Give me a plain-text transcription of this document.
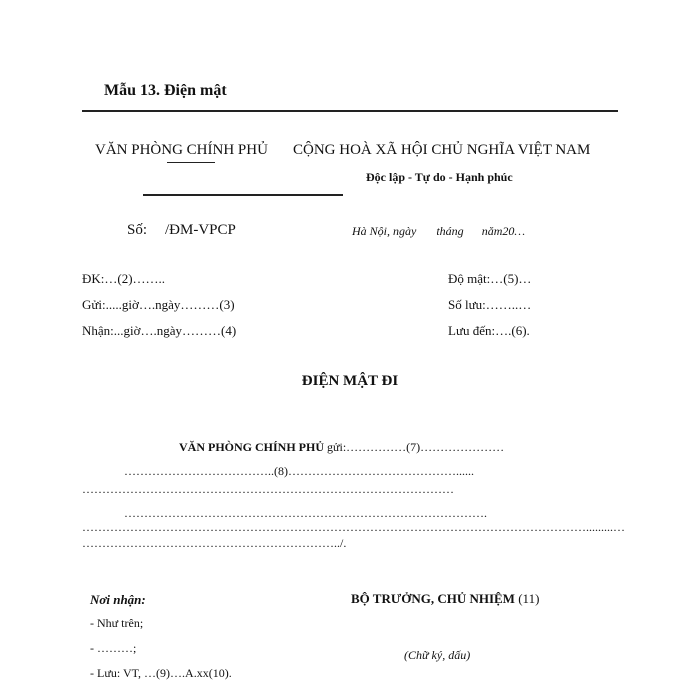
Mẫu 13. Điện mật
VĂN PHÒNG CHÍNH PHỦ CỘNG HOÀ XÃ HỘI CHỦ NGHĨA VIỆT NAM
Độc lập - Tự do - Hạnh phúc
Số: /ĐM-VPCP	Hà Nội, ngày tháng năm20…
ĐK:…(2)……..
Gửi:.....giờ….ngày………(3)
Nhận:...giờ….ngày………(4)
Độ mật:…(5)…
Số lưu:……..…
Lưu đến:….(6).
ĐIỆN MẬT ĐI
VĂN PHÒNG CHÍNH PHỦ gửi:……………(7)…………………
………………………………..(8)……………………………………......
…………………………………………………………………………………
……………………………………………………………………………….
……………………………………………………………………………………………………………….........…
………………………………………………………../.
Nơi nhận:
- Như trên;
- ………;
- Lưu: VT, …(9)….A.xx(10).
BỘ TRƯỞNG, CHỦ NHIỆM (11)
(Chữ ký, dấu)
